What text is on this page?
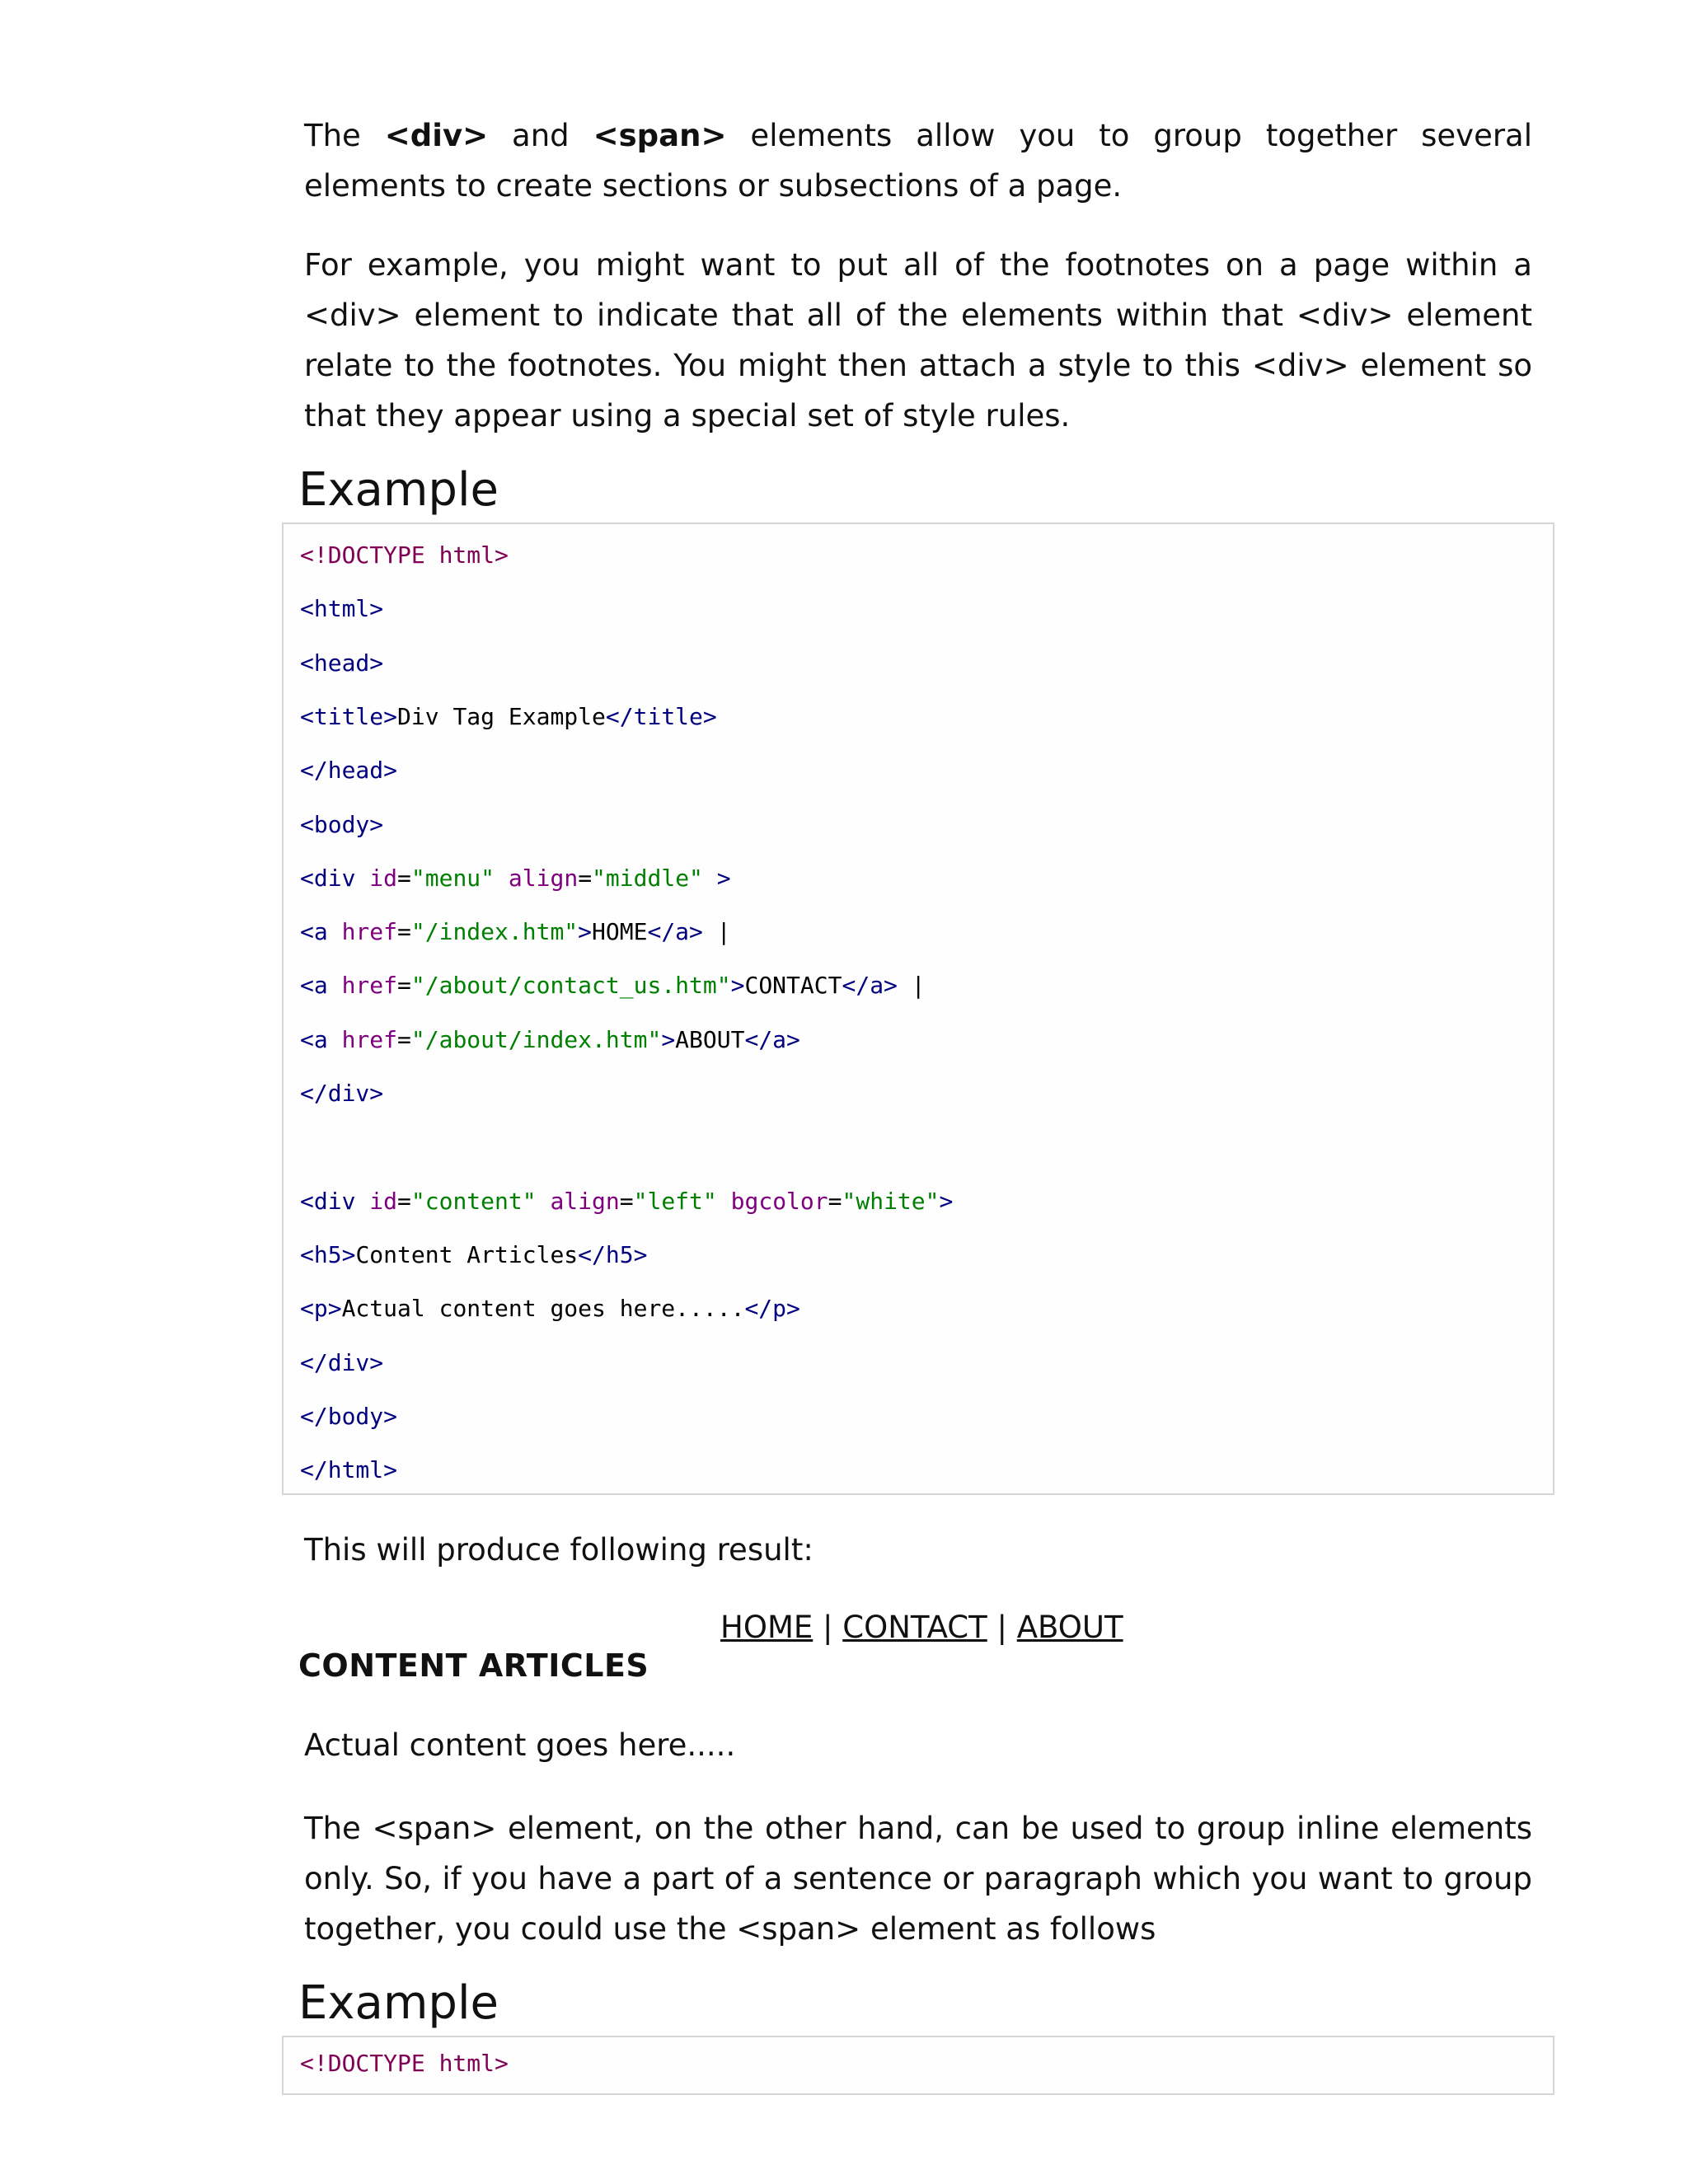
The <div> and <span> elements allow you to group together several elements to create sections or subsections of a page.

For example, you might want to put all of the footnotes on a page within a <div> element to indicate that all of the elements within that <div> element relate to the footnotes. You might then attach a style to this <div> element so that they appear using a special set of style rules.

Example
<!DOCTYPE html>
<html>
<head>
<title>Div Tag Example</title>
</head>
<body>
<div id="menu" align="middle" >
<a href="/index.htm">HOME</a> |
<a href="/about/contact_us.htm">CONTACT</a> |
<a href="/about/index.htm">ABOUT</a>
</div>
<div id="content" align="left" bgcolor="white">
<h5>Content Articles</h5>
<p>Actual content goes here.....</p>
</div>
</body>
</html>

This will produce following result:

HOME | CONTACT | ABOUT
CONTENT ARTICLES

Actual content goes here.....

The <span> element, on the other hand, can be used to group inline elements only. So, if you have a part of a sentence or paragraph which you want to group together, you could use the <span> element as follows

Example
<!DOCTYPE html>
